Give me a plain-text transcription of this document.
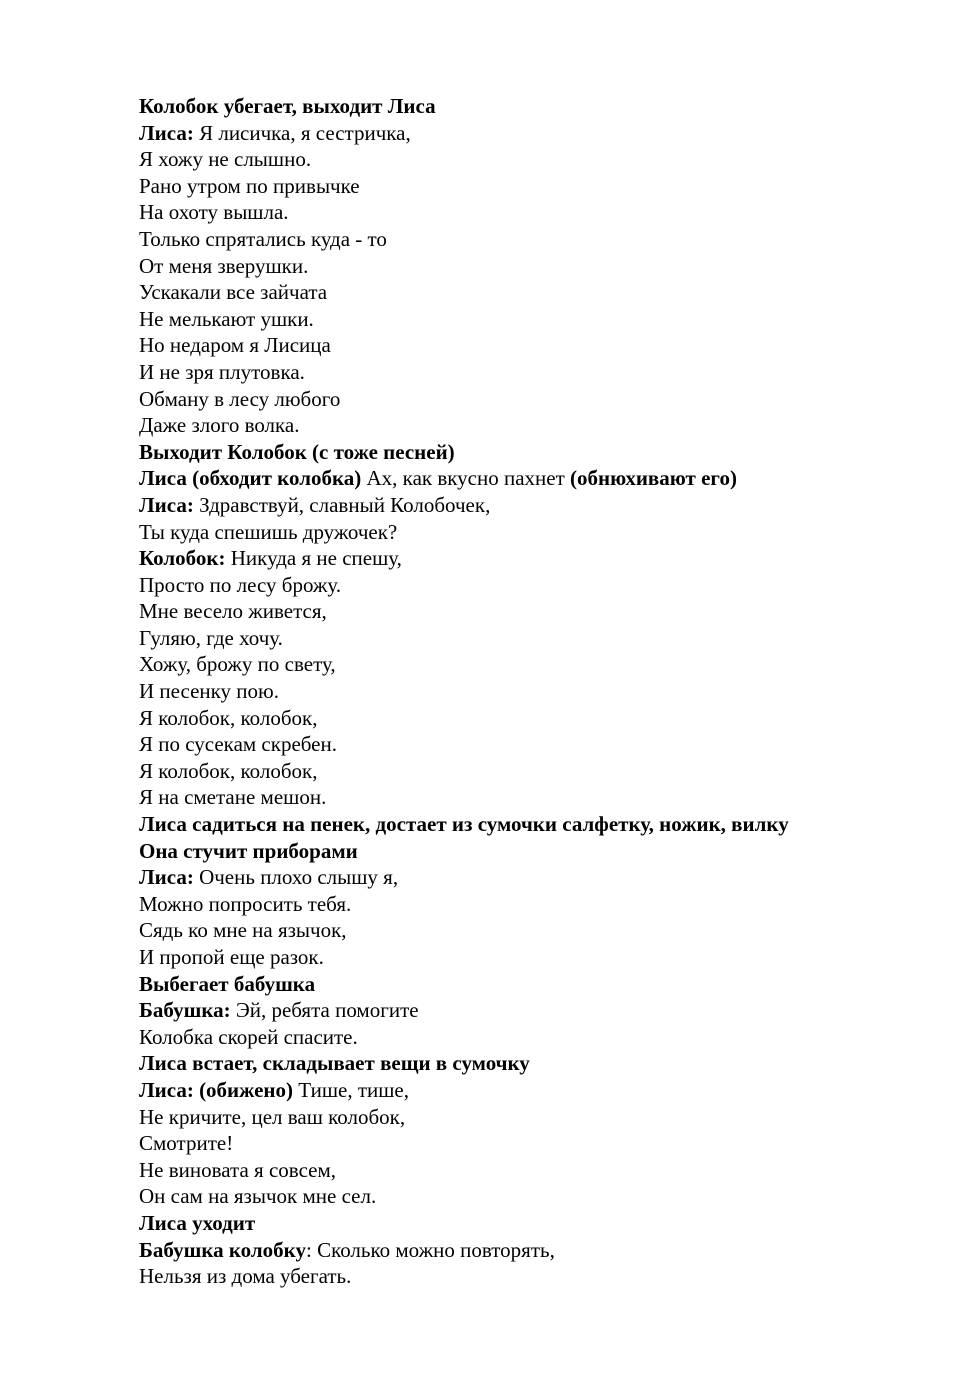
Колобок убегает, выходит Лиса
Лиса: Я лисичка, я сестричка,
Я хожу не слышно.
Рано утром по привычке
На охоту вышла.
Только спрятались куда - то
От меня зверушки.
Ускакали все зайчата
Не мелькают ушки.
Но недаром я Лисица
И не зря плутовка.
Обману в лесу любого
Даже злого волка.
Выходит Колобок (с тоже песней)
Лиса (обходит колобка) Ах, как вкусно пахнет (обнюхивают его)
Лиса: Здравствуй, славный Колобочек,
Ты куда спешишь дружочек?
Колобок: Никуда я не спешу,
Просто по лесу брожу.
Мне весело живется,
Гуляю, где хочу.
Хожу, брожу по свету,
И песенку пою.
Я колобок, колобок,
Я по сусекам скребен.
Я колобок, колобок,
Я на сметане мешон.
Лиса садиться на пенек, достает из сумочки салфетку, ножик, вилку
Она стучит приборами
Лиса: Очень плохо слышу я,
Можно попросить тебя.
Сядь ко мне на язычок,
И пропой еще разок.
Выбегает бабушка
Бабушка: Эй, ребята помогите
Колобка скорей спасите.
Лиса встает, складывает вещи в сумочку
Лиса: (обижено) Тише, тише,
Не кричите, цел ваш колобок,
Смотрите!
Не виновата я совсем,
Он сам на язычок мне сел.
Лиса уходит
Бабушка колобку: Сколько можно повторять,
Нельзя из дома убегать.
